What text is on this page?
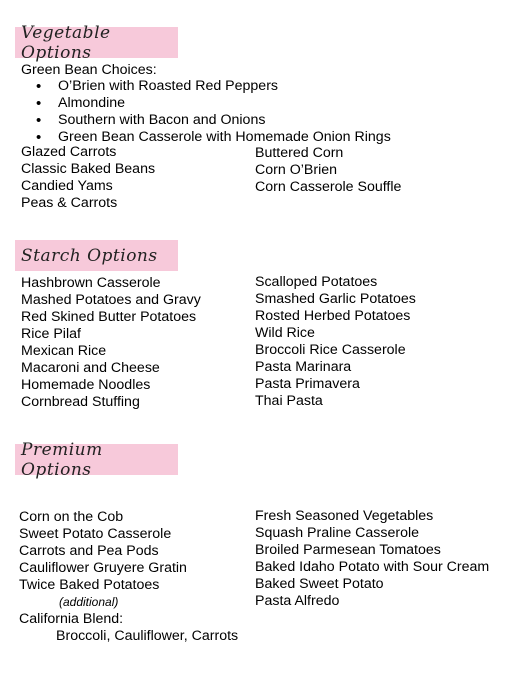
Vegetable Options
Green Bean Choices:
• O’Brien with Roasted Red Peppers
• Almondine
• Southern with Bacon and Onions
• Green Bean Casserole with Homemade Onion Rings
Glazed Carrots
Classic Baked Beans
Candied Yams
Peas & Carrots
Buttered Corn
Corn O’Brien
Corn Casserole Souffle
Starch Options
Hashbrown Casserole
Mashed Potatoes and Gravy
Red Skined Butter Potatoes
Rice Pilaf
Mexican Rice
Macaroni and Cheese
Homemade Noodles
Cornbread Stuffing
Scalloped Potatoes
Smashed Garlic Potatoes
Rosted Herbed Potatoes
Wild Rice
Broccoli Rice Casserole
Pasta Marinara
Pasta Primavera
Thai Pasta
Premium Options
Corn on the Cob
Sweet Potato Casserole
Carrots and Pea Pods
Cauliflower Gruyere Gratin
Twice Baked Potatoes
(additional)
California Blend:
Broccoli, Cauliflower, Carrots
Fresh Seasoned Vegetables
Squash Praline Casserole
Broiled Parmesean Tomatoes
Baked Idaho Potato with Sour Cream
Baked Sweet Potato
Pasta Alfredo
